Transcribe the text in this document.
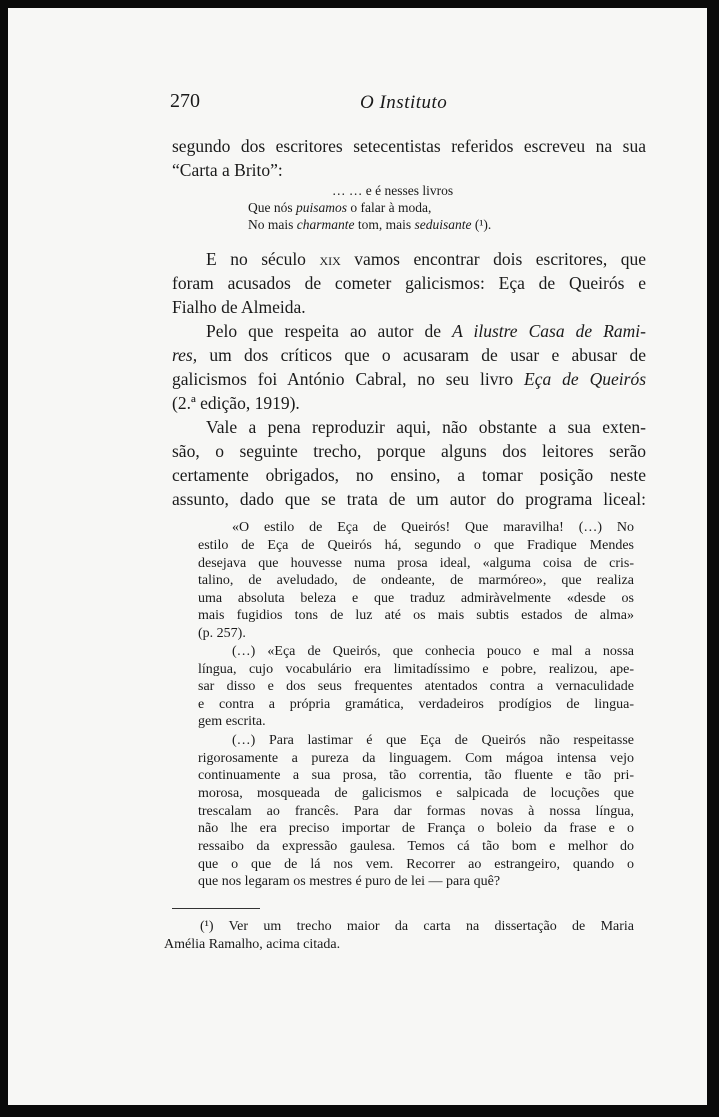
270	O Instituto
segundo dos escritores setecentistas referidos escreveu na sua
“Carta a Brito”:
… … e é nesses livros
Que nós puisamos o falar à moda,
No mais charmante tom, mais seduisante (¹).
E no século xix vamos encontrar dois escritores, que
foram acusados de cometer galicismos: Eça de Queirós e
Fialho de Almeida.
Pelo que respeita ao autor de A ilustre Casa de Rami-
res, um dos críticos que o acusaram de usar e abusar de
galicismos foi António Cabral, no seu livro Eça de Queirós
(2.ª edição, 1919).
Vale a pena reproduzir aqui, não obstante a sua exten-
são, o seguinte trecho, porque alguns dos leitores serão
certamente obrigados, no ensino, a tomar posição neste
assunto, dado que se trata de um autor do programa liceal:
«O estilo de Eça de Queirós! Que maravilha! (…) No
estilo de Eça de Queirós há, segundo o que Fradique Mendes
desejava que houvesse numa prosa ideal, «alguma coisa de cris-
talino, de aveludado, de ondeante, de marmóreo», que realiza
uma absoluta beleza e que traduz admiràvelmente «desde os
mais fugidios tons de luz até os mais subtis estados de alma»
(p. 257).
(…) «Eça de Queirós, que conhecia pouco e mal a nossa
língua, cujo vocabulário era limitadíssimo e pobre, realizou, ape-
sar disso e dos seus frequentes atentados contra a vernaculidade
e contra a própria gramática, verdadeiros prodígios de lingua-
gem escrita.
(…) Para lastimar é que Eça de Queirós não respeitasse
rigorosamente a pureza da linguagem. Com mágoa intensa vejo
continuamente a sua prosa, tão correntia, tão fluente e tão pri-
morosa, mosqueada de galicismos e salpicada de locuções que
trescalam ao francês. Para dar formas novas à nossa língua,
não lhe era preciso importar de França o boleio da frase e o
ressaibo da expressão gaulesa. Temos cá tão bom e melhor do
que o que de lá nos vem. Recorrer ao estrangeiro, quando o
que nos legaram os mestres é puro de lei — para quê?
(¹) Ver um trecho maior da carta na dissertação de Maria
Amélia Ramalho, acima citada.
